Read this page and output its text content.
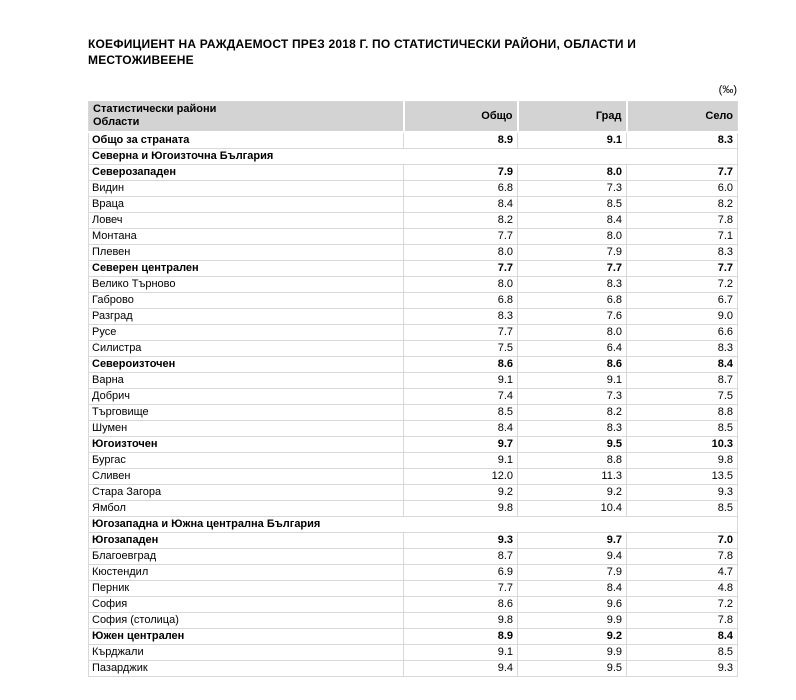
КОЕФИЦИЕНТ НА РАЖДАЕМОСТ ПРЕЗ 2018 Г. ПО СТАТИСТИЧЕСКИ РАЙОНИ, ОБЛАСТИ И МЕСТОЖИВЕЕНЕ
(‰)
Статистически райони
Области	Общо	Град	Село
Общо за страната	8.9	9.1	8.3
Северна и Югоизточна България			
Северозападен	7.9	8.0	7.7
Видин	6.8	7.3	6.0
Враца	8.4	8.5	8.2
Ловеч	8.2	8.4	7.8
Монтана	7.7	8.0	7.1
Плевен	8.0	7.9	8.3
Северен централен	7.7	7.7	7.7
Велико Търново	8.0	8.3	7.2
Габрово	6.8	6.8	6.7
Разград	8.3	7.6	9.0
Русе	7.7	8.0	6.6
Силистра	7.5	6.4	8.3
Североизточен	8.6	8.6	8.4
Варна	9.1	9.1	8.7
Добрич	7.4	7.3	7.5
Търговище	8.5	8.2	8.8
Шумен	8.4	8.3	8.5
Югоизточен	9.7	9.5	10.3
Бургас	9.1	8.8	9.8
Сливен	12.0	11.3	13.5
Стара Загора	9.2	9.2	9.3
Ямбол	9.8	10.4	8.5
Югозападна и Южна централна България			
Югозападен	9.3	9.7	7.0
Благоевград	8.7	9.4	7.8
Кюстендил	6.9	7.9	4.7
Перник	7.7	8.4	4.8
София	8.6	9.6	7.2
София (столица)	9.8	9.9	7.8
Южен централен	8.9	9.2	8.4
Кърджали	9.1	9.9	8.5
Пазарджик	9.4	9.5	9.3
